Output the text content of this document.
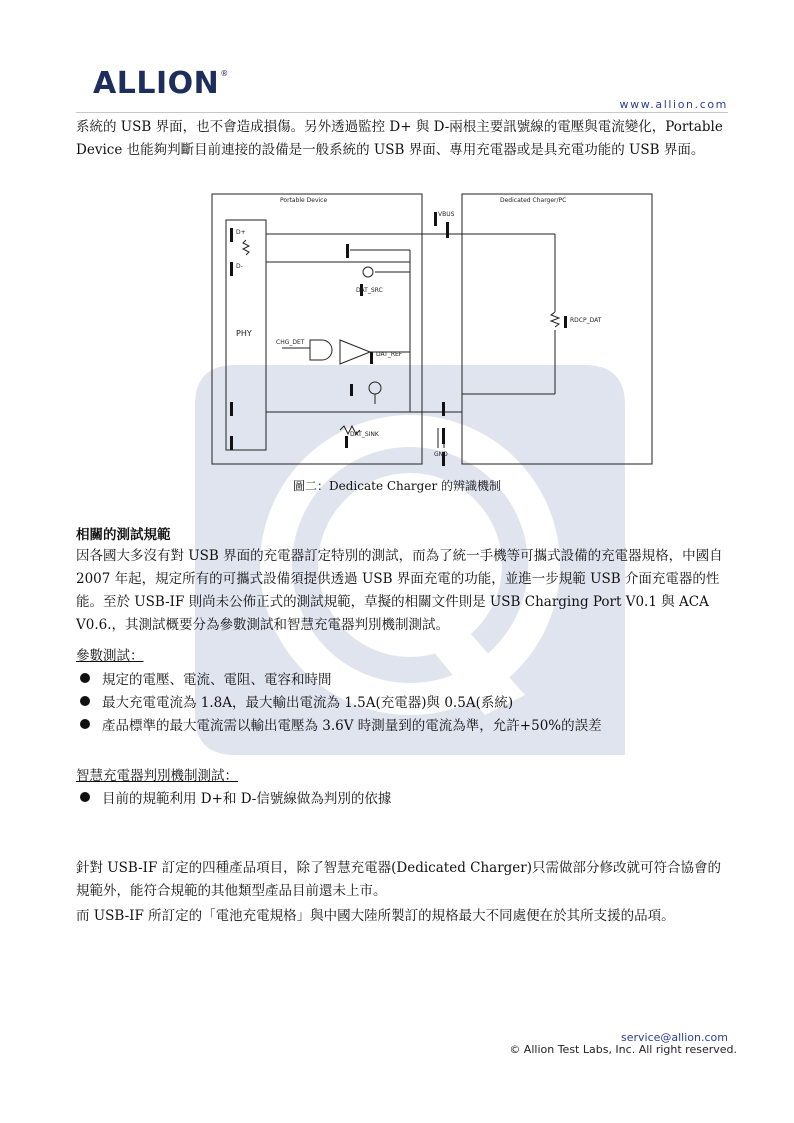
ALLION ®
www.allion.com

系統的 USB 界面，也不會造成損傷。另外透過監控 D+ 與 D-兩根主要訊號線的電壓與電流變化，Portable Device 也能夠判斷目前連接的設備是一般系統的 USB 界面、專用充電器或是具充電功能的 USB 界面。

Portable Device	Dedicated Charger/PC
PHY
VBUS
D+
D-
DAT_SRC
DAT_REF
DAT_SINK
CHG_DET
RDCP_DAT
GND
圖二：Dedicate Charger 的辨識機制
相關的測試規範

因各國大多沒有對 USB 界面的充電器訂定特別的測試，而為了統一手機等可攜式設備的充電器規格，中國自 2007 年起，規定所有的可攜式設備須提供透過 USB 界面充電的功能，並進一步規範 USB 介面充電器的性能。至於 USB-IF 則尚未公佈正式的測試規範，草擬的相關文件則是 USB Charging Port V0.1 與 ACA V0.6.，其測試概要分為參數測試和智慧充電器判別機制測試。

參數測試：
規定的電壓、電流、電阻、電容和時間
最大充電電流為 1.8A，最大輸出電流為 1.5A(充電器)與 0.5A(系統)
產品標準的最大電流需以輸出電壓為 3.6V 時測量到的電流為準，允許+50%的誤差
智慧充電器判別機制測試：
目前的規範利用 D+和 D-信號線做為判別的依據

針對 USB-IF 訂定的四種產品項目，除了智慧充電器(Dedicated Charger)只需做部分修改就可符合協會的規範外，能符合規範的其他類型產品目前還未上市。

而 USB-IF 所訂定的「電池充電規格」與中國大陸所製訂的規格最大不同處便在於其所支援的品項。

service@allion.com
© Allion Test Labs, Inc. All right reserved.
